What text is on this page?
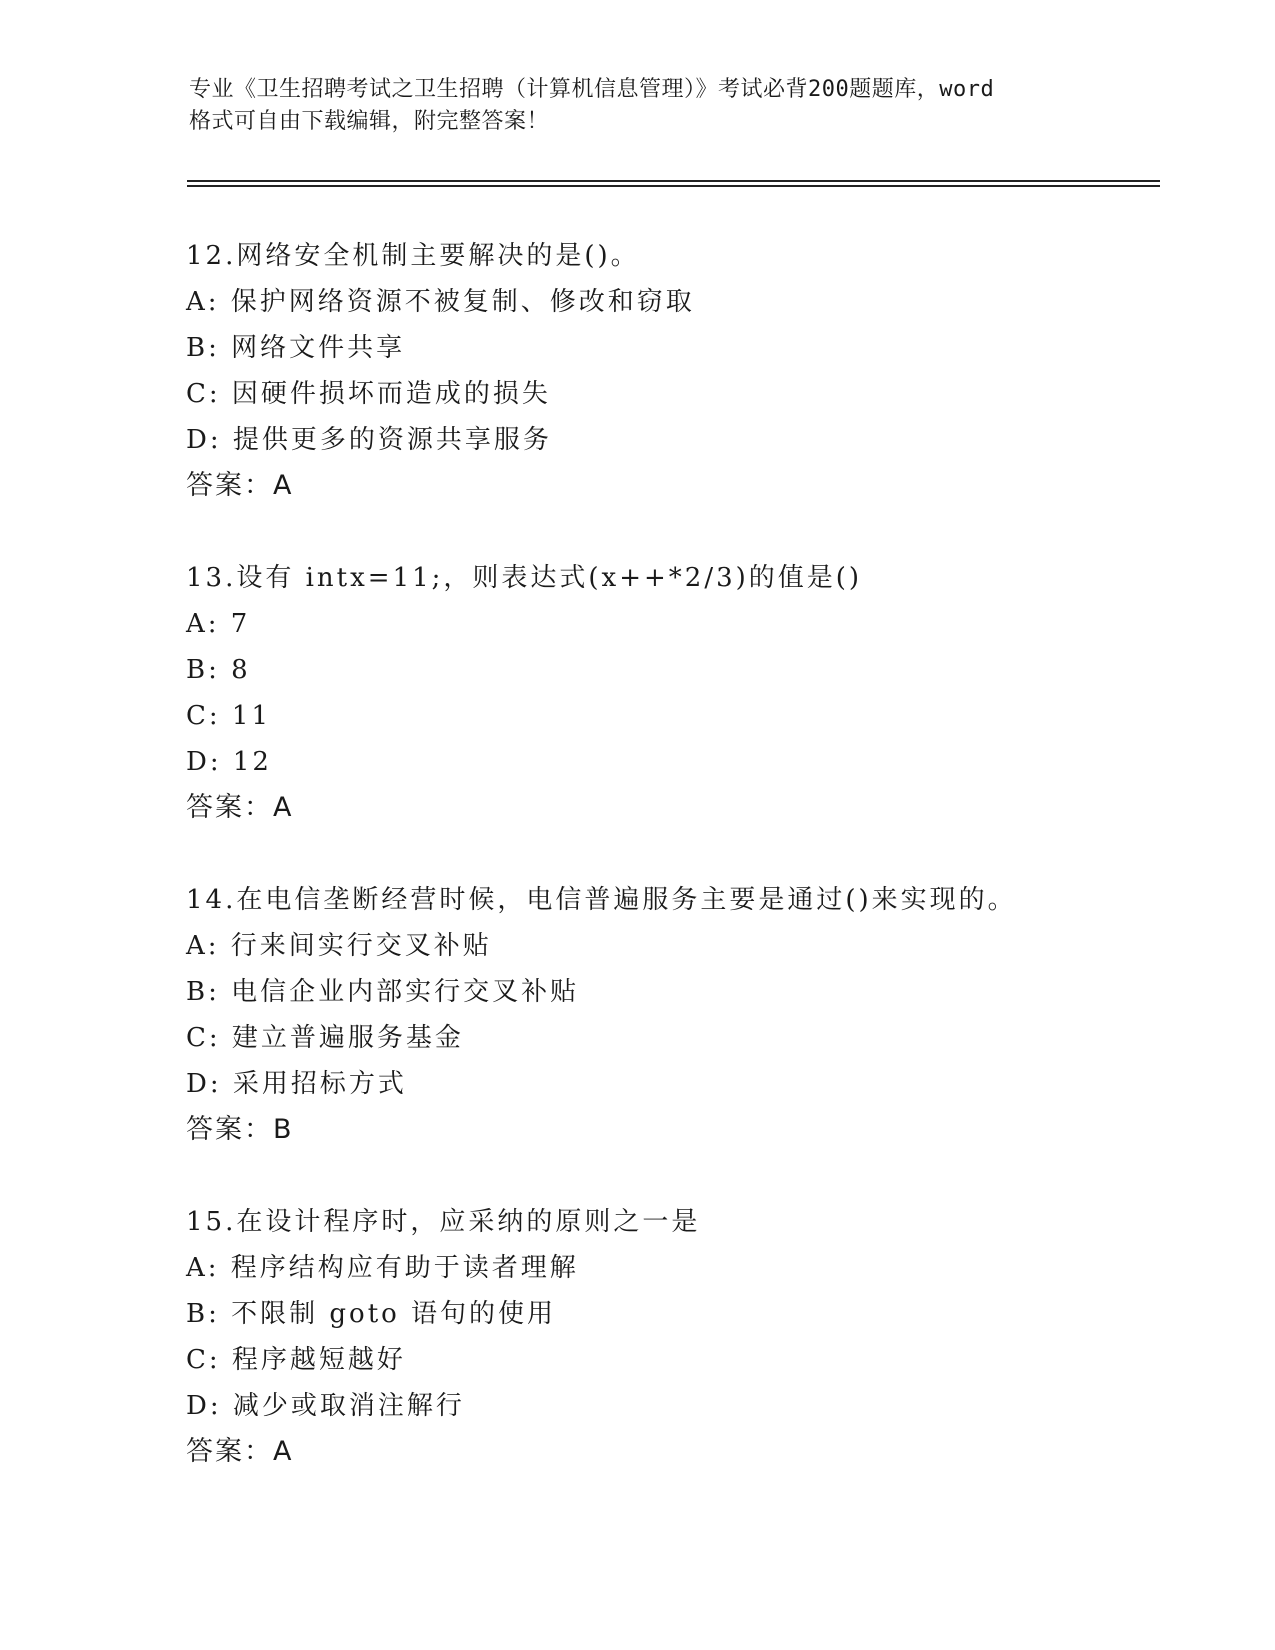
专业《卫生招聘考试之卫生招聘（计算机信息管理）》考试必背200题题库，word
格式可自由下载编辑，附完整答案！
12.网络安全机制主要解决的是()。
A: 保护网络资源不被复制、修改和窃取
B: 网络文件共享
C: 因硬件损坏而造成的损失
D: 提供更多的资源共享服务
答案：A
13.设有 intx=11;，则表达式(x++*2/3)的值是()
A: 7
B: 8
C: 11
D: 12
答案：A
14.在电信垄断经营时候，电信普遍服务主要是通过()来实现的。
A: 行来间实行交叉补贴
B: 电信企业内部实行交叉补贴
C: 建立普遍服务基金
D: 采用招标方式
答案：B
15.在设计程序时，应采纳的原则之一是
A: 程序结构应有助于读者理解
B: 不限制 goto 语句的使用
C: 程序越短越好
D: 减少或取消注解行
答案：A
